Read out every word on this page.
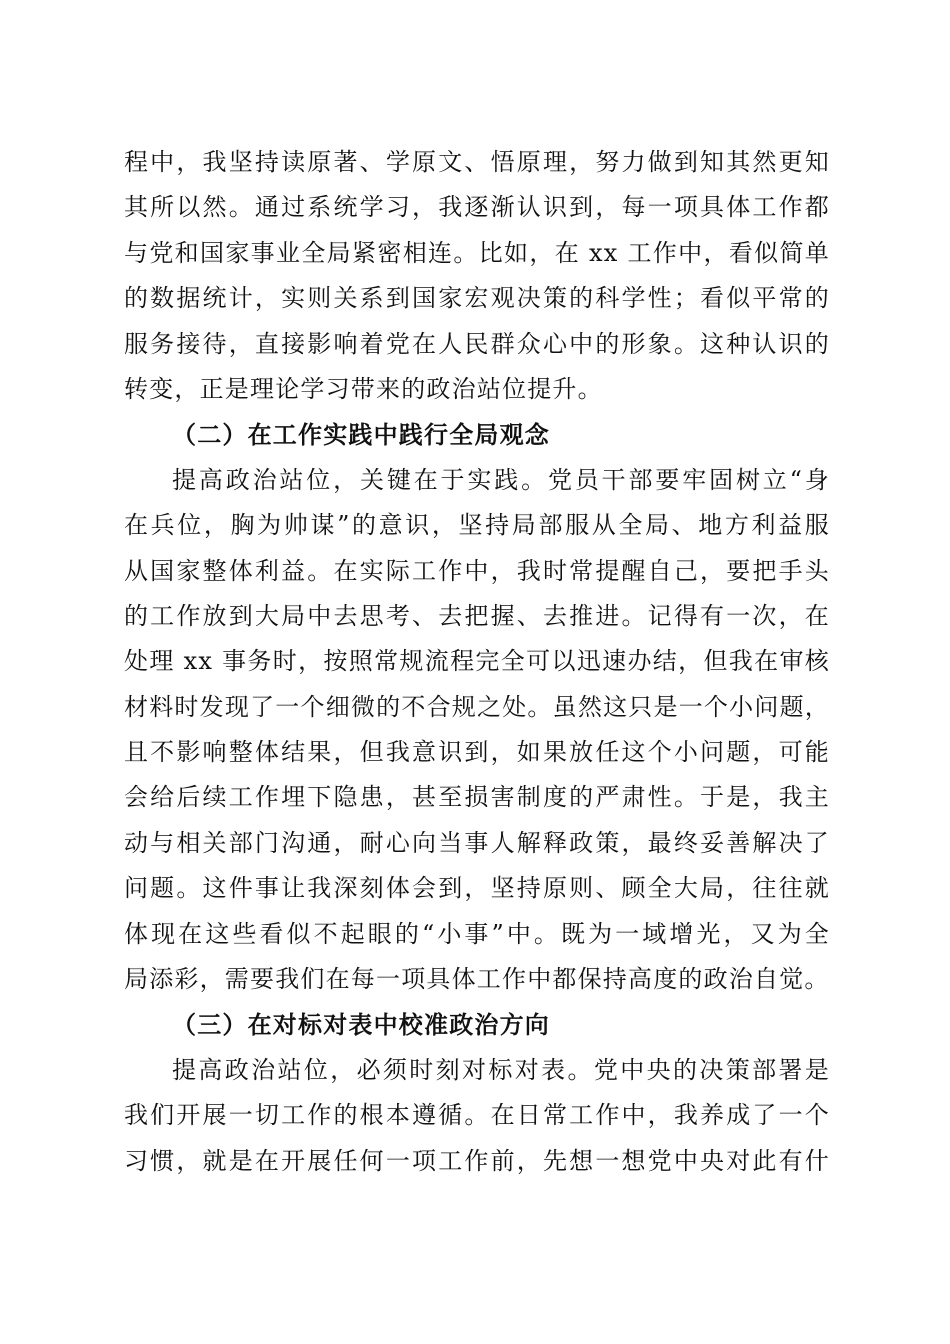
程中，我坚持读原著、学原文、悟原理，努力做到知其然更知
其所以然。通过系统学习，我逐渐认识到，每一项具体工作都
与党和国家事业全局紧密相连。比如，在 xx 工作中，看似简单
的数据统计，实则关系到国家宏观决策的科学性；看似平常的
服务接待，直接影响着党在人民群众心中的形象。这种认识的
转变，正是理论学习带来的政治站位提升。
（二）在工作实践中践行全局观念
提高政治站位，关键在于实践。党员干部要牢固树立“身
在兵位，胸为帅谋”的意识，坚持局部服从全局、地方利益服
从国家整体利益。在实际工作中，我时常提醒自己，要把手头
的工作放到大局中去思考、去把握、去推进。记得有一次，在
处理 xx 事务时，按照常规流程完全可以迅速办结，但我在审核
材料时发现了一个细微的不合规之处。虽然这只是一个小问题，
且不影响整体结果，但我意识到，如果放任这个小问题，可能
会给后续工作埋下隐患，甚至损害制度的严肃性。于是，我主
动与相关部门沟通，耐心向当事人解释政策，最终妥善解决了
问题。这件事让我深刻体会到，坚持原则、顾全大局，往往就
体现在这些看似不起眼的“小事”中。既为一域增光，又为全
局添彩，需要我们在每一项具体工作中都保持高度的政治自觉。
（三）在对标对表中校准政治方向
提高政治站位，必须时刻对标对表。党中央的决策部署是
我们开展一切工作的根本遵循。在日常工作中，我养成了一个
习惯，就是在开展任何一项工作前，先想一想党中央对此有什
